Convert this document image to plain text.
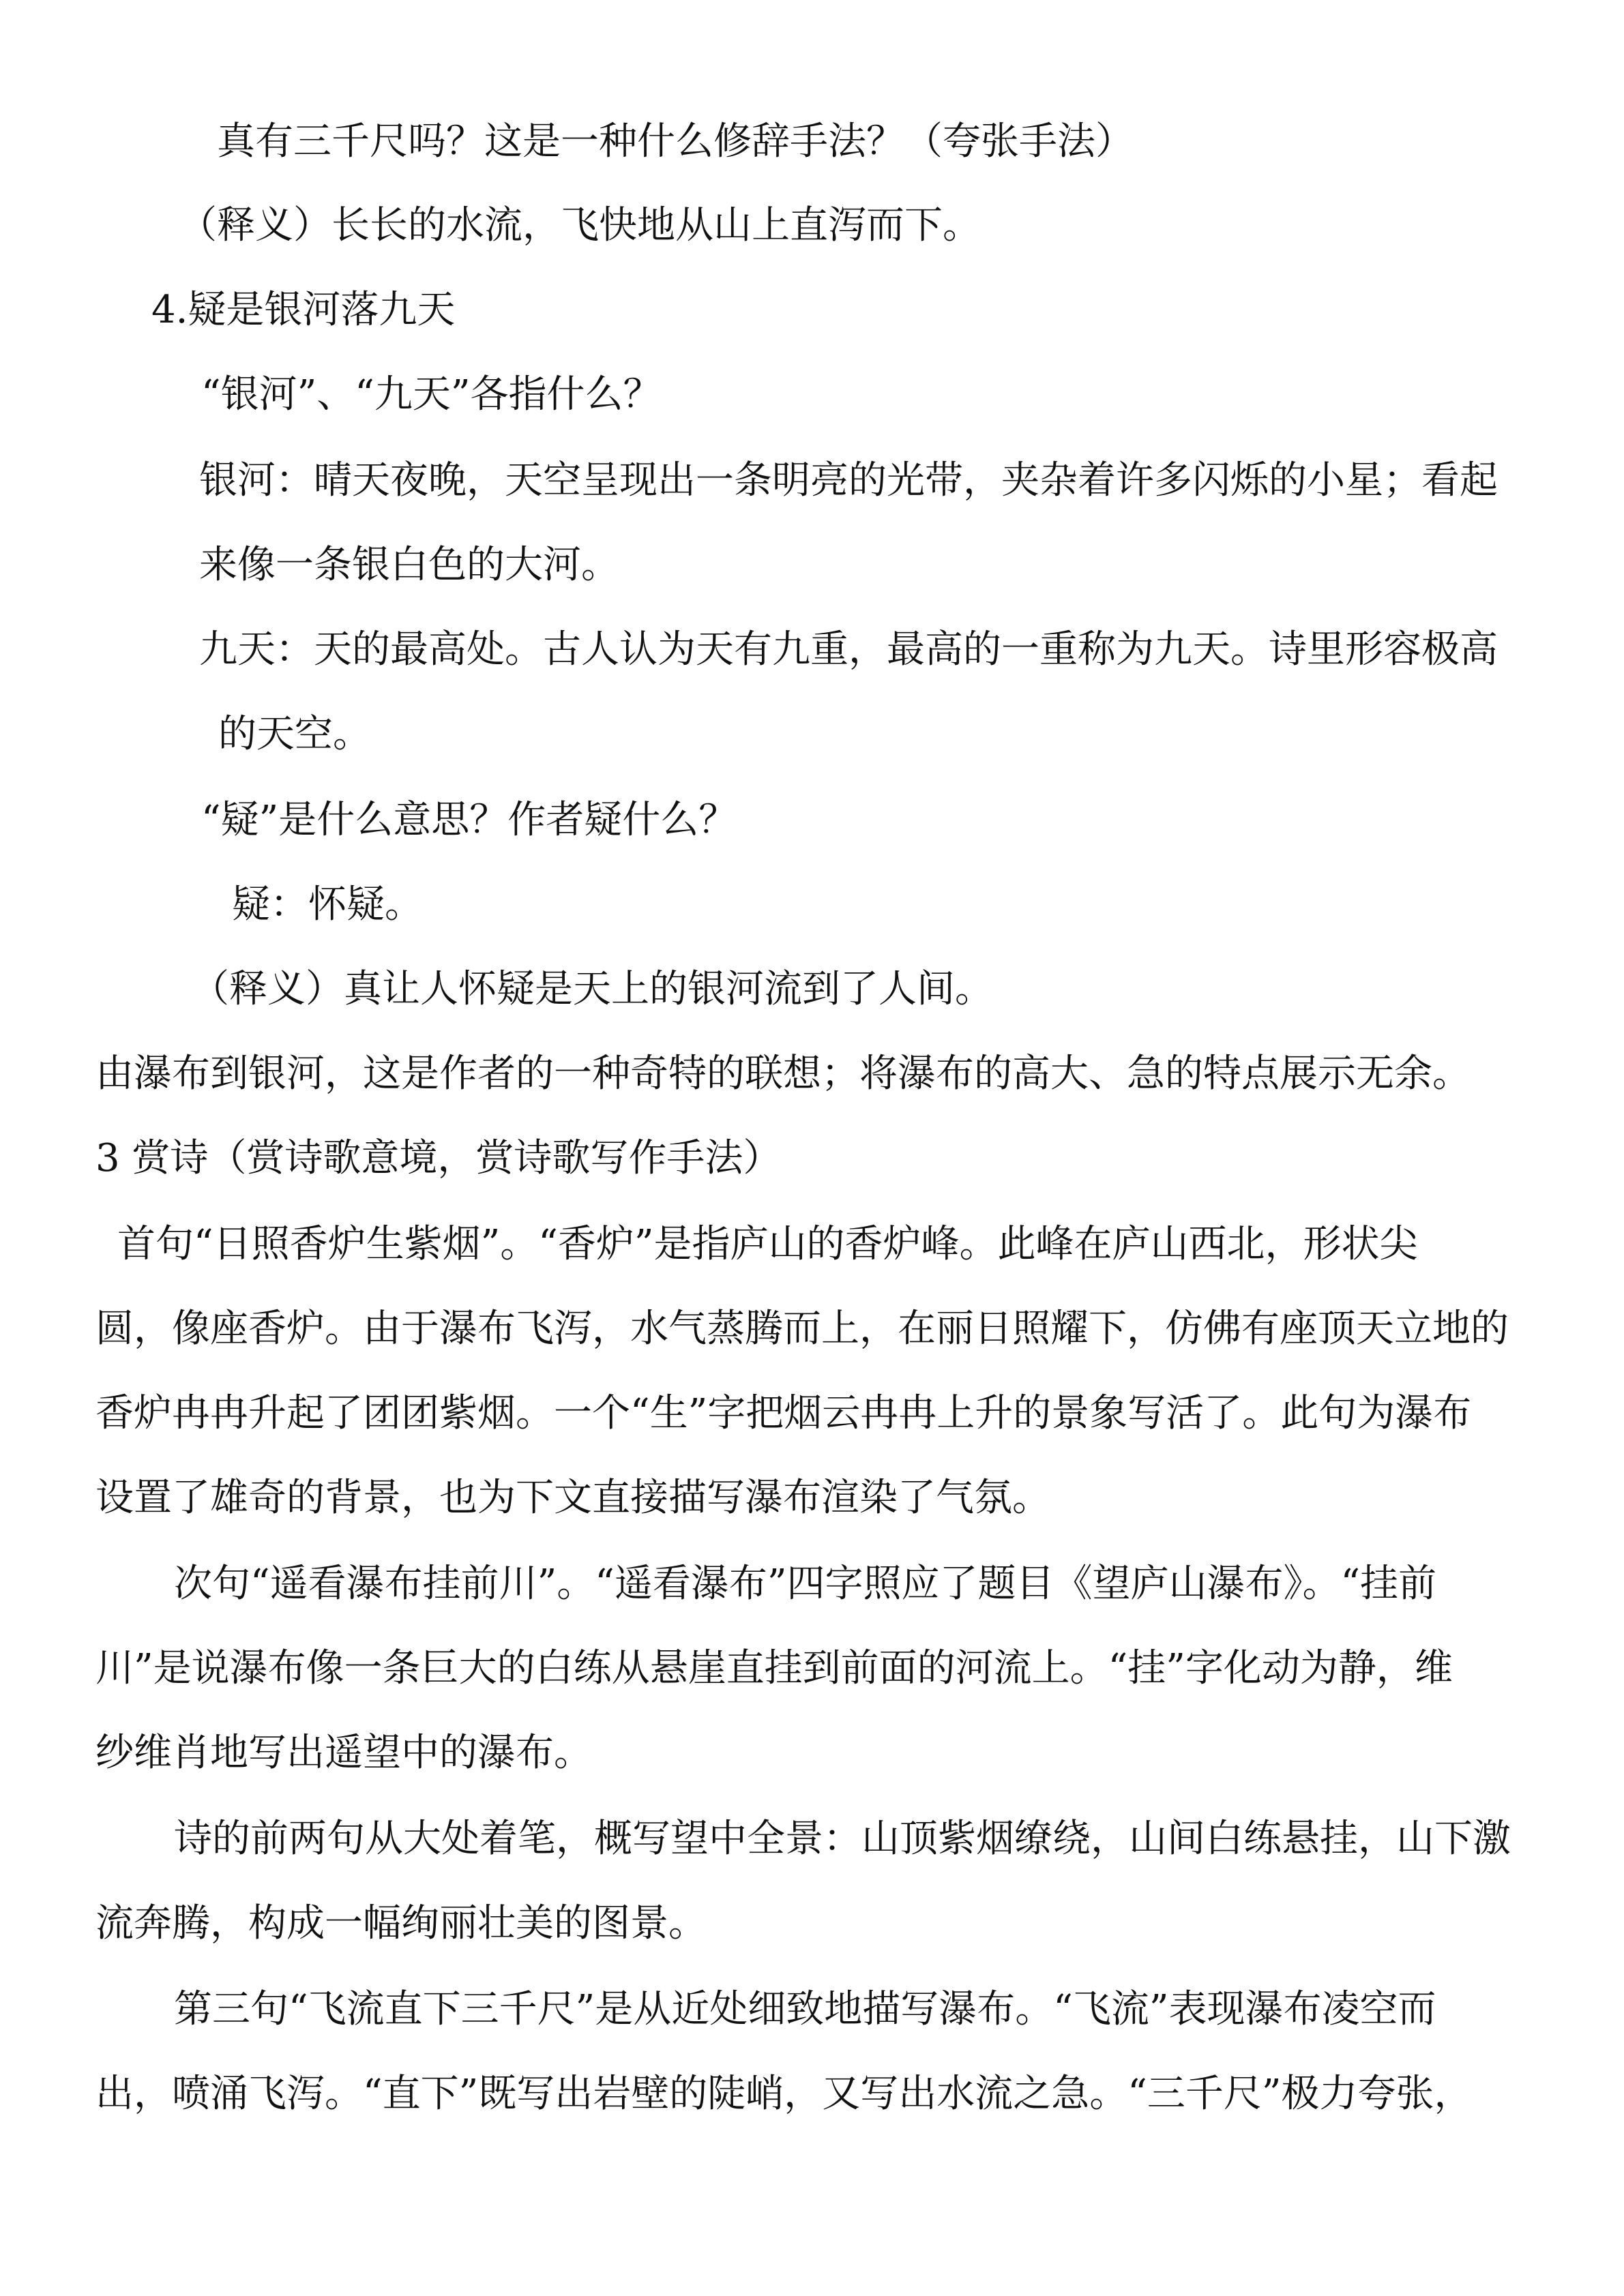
真有三千尺吗？这是一种什么修辞手法？（夸张手法）
（释义）长长的水流，飞快地从山上直泻而下。
4.疑是银河落九天
“银河”、“九天”各指什么？
银河：晴天夜晚，天空呈现出一条明亮的光带，夹杂着许多闪烁的小星；看起
来像一条银白色的大河。
九天：天的最高处。古人认为天有九重，最高的一重称为九天。诗里形容极高
的天空。
“疑”是什么意思？作者疑什么？
疑：怀疑。
（释义）真让人怀疑是天上的银河流到了人间。
由瀑布到银河，这是作者的一种奇特的联想；将瀑布的高大、急的特点展示无余。
3 赏诗（赏诗歌意境，赏诗歌写作手法）
首句“日照香炉生紫烟”。“香炉”是指庐山的香炉峰。此峰在庐山西北，形状尖
圆，像座香炉。由于瀑布飞泻，水气蒸腾而上，在丽日照耀下，仿佛有座顶天立地的
香炉冉冉升起了团团紫烟。一个“生”字把烟云冉冉上升的景象写活了。此句为瀑布
设置了雄奇的背景，也为下文直接描写瀑布渲染了气氛。
次句“遥看瀑布挂前川”。“遥看瀑布”四字照应了题目《望庐山瀑布》。“挂前
川”是说瀑布像一条巨大的白练从悬崖直挂到前面的河流上。“挂”字化动为静，维
纱维肖地写出遥望中的瀑布。
诗的前两句从大处着笔，概写望中全景：山顶紫烟缭绕，山间白练悬挂，山下激
流奔腾，构成一幅绚丽壮美的图景。
第三句“飞流直下三千尺”是从近处细致地描写瀑布。“飞流”表现瀑布凌空而
出，喷涌飞泻。“直下”既写出岩壁的陡峭，又写出水流之急。“三千尺”极力夸张，
